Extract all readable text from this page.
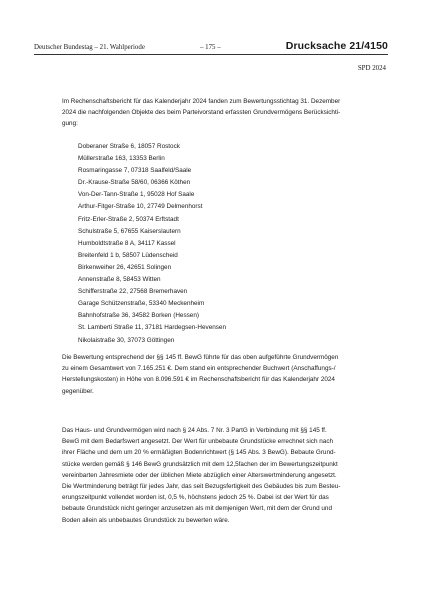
Deutscher Bundestag – 21. Wahlperiode	– 175 –	Drucksache 21/4150
SPD 2024
Im Rechenschaftsbericht für das Kalenderjahr 2024 fanden zum Bewertungsstichtag 31. Dezember
2024 die nachfolgenden Objekte des beim Parteivorstand erfassten Grundvermögens Berücksichti-
gung:
Doberaner Straße 6, 18057 Rostock
Müllerstraße 163, 13353 Berlin
Rosmaringasse 7, 07318 Saalfeld/Saale
Dr.-Krause-Straße 58/60, 06366 Köthen
Von-Der-Tann-Straße 1, 95028 Hof Saale
Arthur-Fitger-Straße 10, 27749 Delmenhorst
Fritz-Erler-Straße 2, 50374 Erftstadt
Schulstraße 5, 67655 Kaiserslautern
Humboldtstraße 8 A, 34117 Kassel
Breitenfeld 1 b, 58507 Lüdenscheid
Birkenweiher 26, 42651 Solingen
Annenstraße 8, 58453 Witten
Schifferstraße 22, 27568 Bremerhaven
Garage Schützenstraße, 53340 Meckenheim
Bahnhofstraße 36, 34582 Borken (Hessen)
St. Lamberti Straße 11, 37181 Hardegsen-Hevensen
Nikolaistraße 30, 37073 Göttingen
Die Bewertung entsprechend der §§ 145 ff. BewG führte für das oben aufgeführte Grundvermögen
zu einem Gesamtwert von 7.165.251 €. Dem stand ein entsprechender Buchwert (Anschaffungs-/
Herstellungskosten) in Höhe von 8.096.591 € im Rechenschaftsbericht für das Kalenderjahr 2024
gegenüber.
Das Haus- und Grundvermögen wird nach § 24 Abs. 7 Nr. 3 PartG in Verbindung mit §§ 145 ff.
BewG mit dem Bedarfswert angesetzt. Der Wert für unbebaute Grundstücke errechnet sich nach
ihrer Fläche und dem um 20 % ermäßigten Bodenrichtwert (§ 145 Abs. 3 BewG). Bebaute Grund-
stücke werden gemäß § 146 BewG grundsätzlich mit dem 12,5fachen der im Bewertungszeitpunkt
vereinbarten Jahresmiete oder der üblichen Miete abzüglich einer Alterswertminderung angesetzt.
Die Wertminderung beträgt für jedes Jahr, das seit Bezugsfertigkeit des Gebäudes bis zum Besteu-
erungszeitpunkt vollendet worden ist, 0,5 %, höchstens jedoch 25 %. Dabei ist der Wert für das
bebaute Grundstück nicht geringer anzusetzen als mit demjenigen Wert, mit dem der Grund und
Boden allein als unbebautes Grundstück zu bewerten wäre.
